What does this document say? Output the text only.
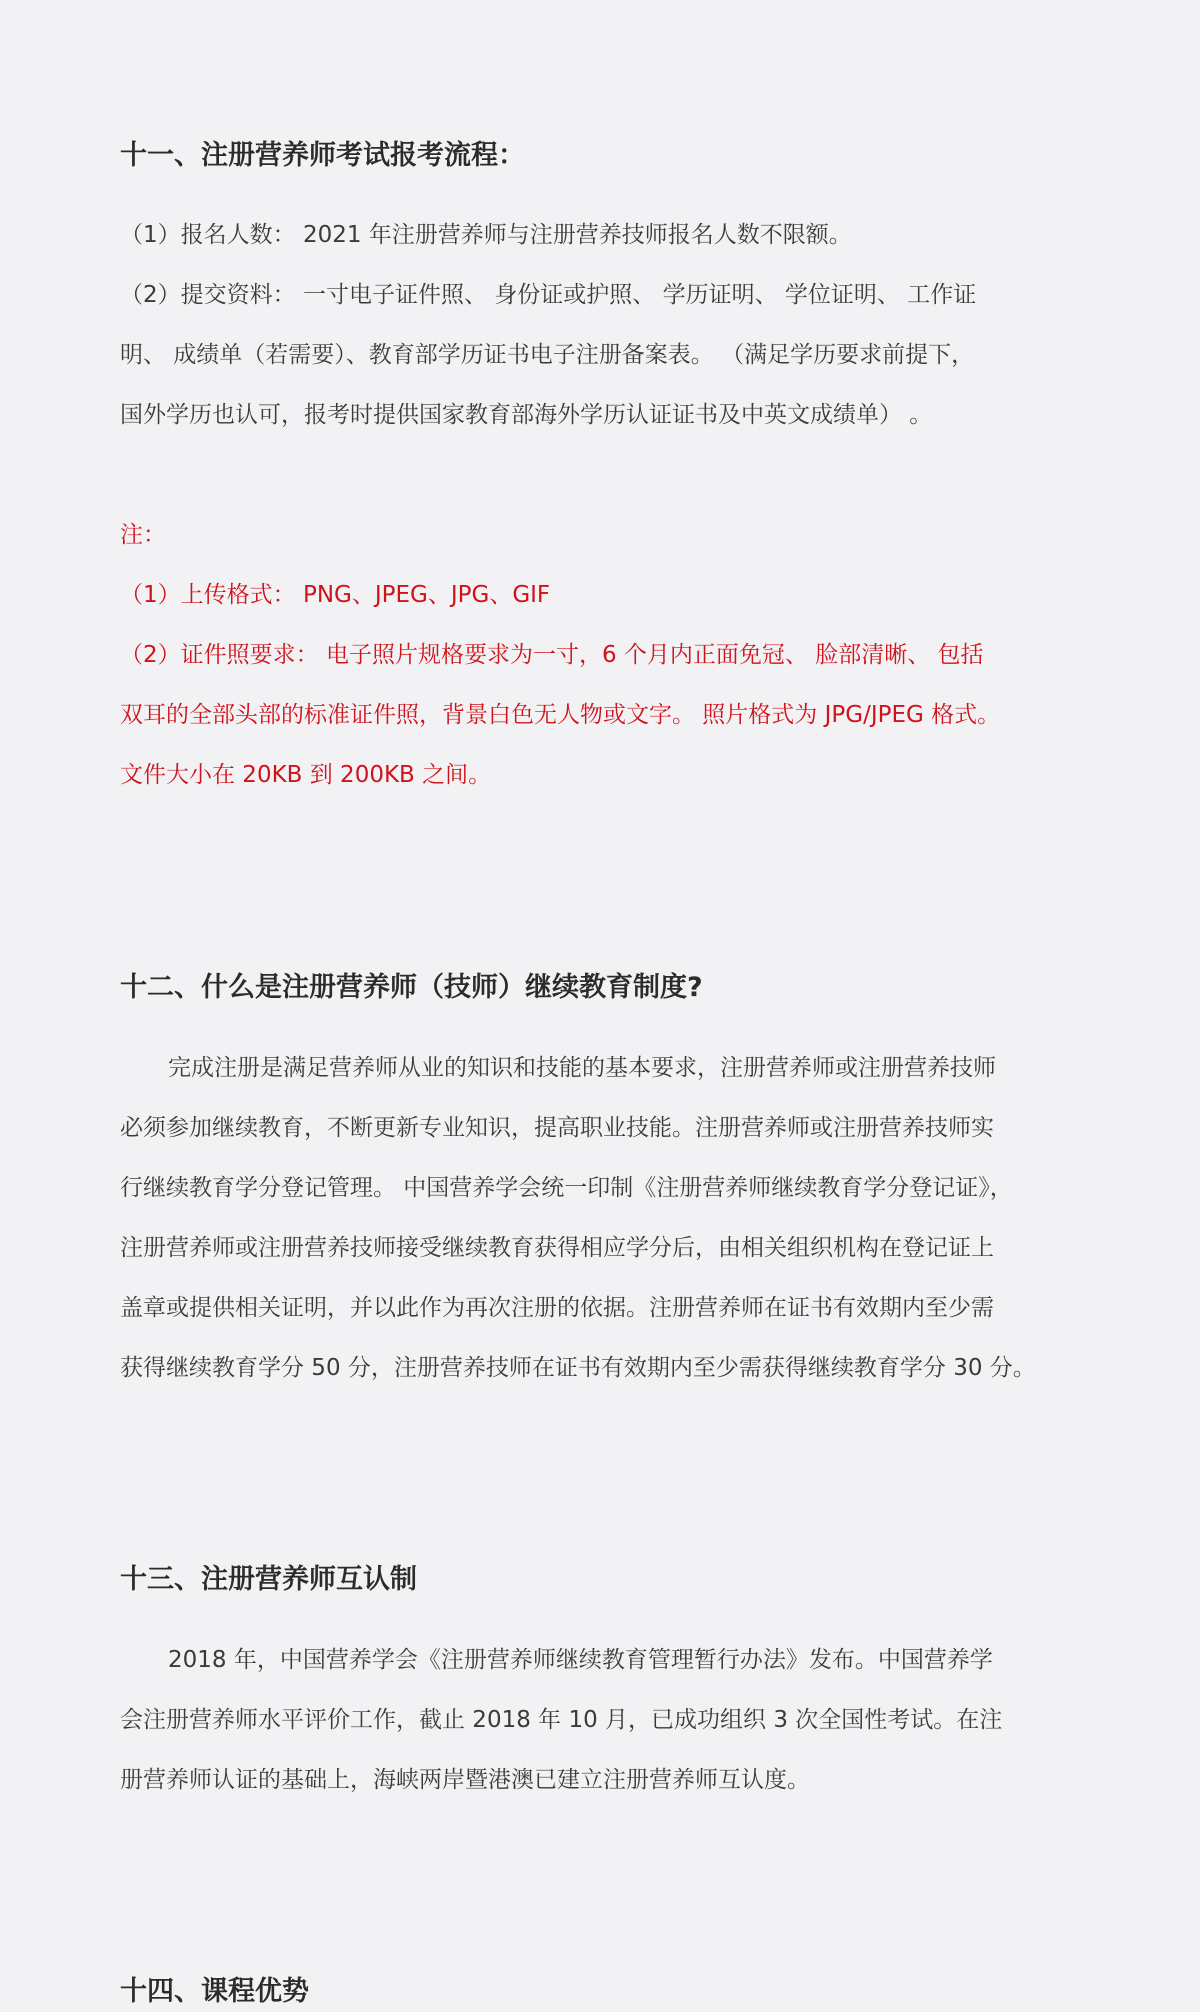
十一、注册营养师考试报考流程：
（1）报名人数： 2021 年注册营养师与注册营养技师报名人数不限额。
（2）提交资料： 一寸电子证件照、 身份证或护照、 学历证明、 学位证明、 工作证
明、 成绩单（若需要）、教育部学历证书电子注册备案表。 （满足学历要求前提下，
国外学历也认可，报考时提供国家教育部海外学历认证证书及中英文成绩单） 。
注：
（1）上传格式： PNG、JPEG、JPG、GIF
（2）证件照要求： 电子照片规格要求为一寸，6 个月内正面免冠、 脸部清晰、 包括
双耳的全部头部的标准证件照，背景白色无人物或文字。 照片格式为 JPG/JPEG 格式。
文件大小在 20KB 到 200KB 之间。
十二、什么是注册营养师（技师）继续教育制度?
完成注册是满足营养师从业的知识和技能的基本要求，注册营养师或注册营养技师
必须参加继续教育，不断更新专业知识，提高职业技能。注册营养师或注册营养技师实
行继续教育学分登记管理。 中国营养学会统一印制《注册营养师继续教育学分登记证》，
注册营养师或注册营养技师接受继续教育获得相应学分后，由相关组织机构在登记证上
盖章或提供相关证明，并以此作为再次注册的依据。注册营养师在证书有效期内至少需
获得继续教育学分 50 分，注册营养技师在证书有效期内至少需获得继续教育学分 30 分。
十三、注册营养师互认制
2018 年，中国营养学会《注册营养师继续教育管理暂行办法》发布。中国营养学
会注册营养师水平评价工作，截止 2018 年 10 月，已成功组织 3 次全国性考试。在注
册营养师认证的基础上，海峡两岸暨港澳已建立注册营养师互认度。
十四、课程优势
